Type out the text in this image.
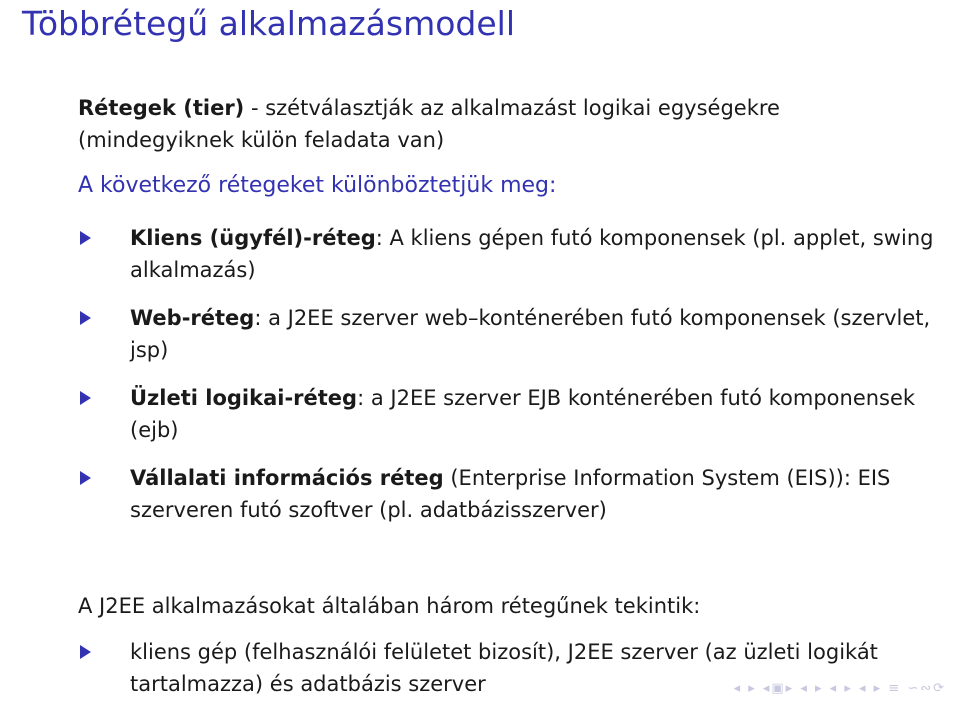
Többrétegű alkalmazásmodell

Rétegek (tier) - szétválasztják az alkalmazást logikai egységekre (mindegyiknek külön feladata van)

A következő rétegeket különböztetjük meg:

Kliens (ügyfél)-réteg: A kliens gépen futó komponensek (pl. applet, swing alkalmazás)
Web-réteg: a J2EE szerver web–konténerében futó komponensek (szervlet, jsp)
Üzleti logikai-réteg: a J2EE szerver EJB konténerében futó komponensek (ejb)
Vállalati információs réteg (Enterprise Information System (EIS)): EIS szerveren futó szoftver (pl. adatbázisszerver)

A J2EE alkalmazásokat általában három rétegűnek tekintik:

kliens gép (felhasználói felületet bizosít), J2EE szerver (az üzleti logikát tartalmazza) és adatbázis szerver	◂ ▸ ◂▣▸ ◂ ▸ ◂ ▸ ◂ ▸ ≡ ∽∾⟳
